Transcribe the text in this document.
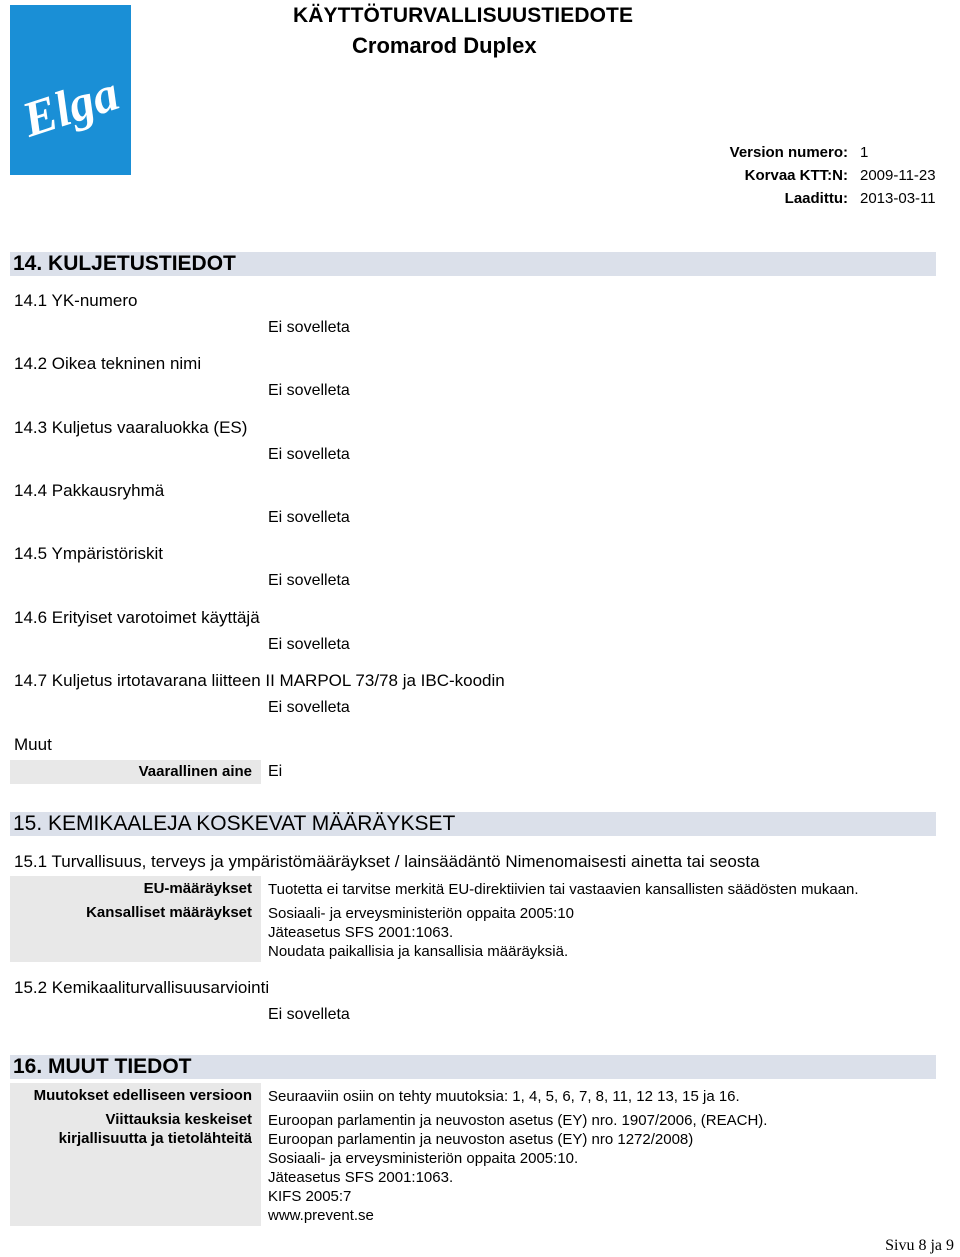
Elga
KÄYTTÖTURVALLISUUSTIEDOTE
Cromarod Duplex
Version numero: 1
Korvaa KTT:N: 2009-11-23
Laadittu: 2013-03-11
14. KULJETUSTIEDOT
14.1 YK-numero
Ei sovelleta
14.2 Oikea tekninen nimi
Ei sovelleta
14.3 Kuljetus vaaraluokka (ES)
Ei sovelleta
14.4 Pakkausryhmä
Ei sovelleta
14.5 Ympäristöriskit
Ei sovelleta
14.6 Erityiset varotoimet käyttäjä
Ei sovelleta
14.7 Kuljetus irtotavarana liitteen II MARPOL 73/78 ja IBC-koodin
Ei sovelleta
Muut
Vaarallinen aine Ei
15. KEMIKAALEJA KOSKEVAT MÄÄRÄYKSET
15.1 Turvallisuus, terveys ja ympäristömääräykset / lainsäädäntö Nimenomaisesti ainetta tai seosta
EU-määräykset
Kansalliset määräykset
Tuotetta ei tarvitse merkitä EU-direktiivien tai vastaavien kansallisten säädösten mukaan.
Sosiaali- ja erveysministeriön oppaita 2005:10
Jäteasetus SFS 2001:1063.
Noudata paikallisia ja kansallisia määräyksiä.
15.2 Kemikaaliturvallisuusarviointi
Ei sovelleta
16. MUUT TIEDOT
Muutokset edelliseen versioon
Viittauksia keskeiset
kirjallisuutta ja tietolähteitä
Seuraaviin osiin on tehty muutoksia: 1, 4, 5, 6, 7, 8, 11, 12 13, 15 ja 16.
Euroopan parlamentin ja neuvoston asetus (EY) nro. 1907/2006, (REACH).
Euroopan parlamentin ja neuvoston asetus (EY) nro 1272/2008)
Sosiaali- ja erveysministeriön oppaita 2005:10.
Jäteasetus SFS 2001:1063.
KIFS 2005:7
www.prevent.se
Sivu 8 ja 9
